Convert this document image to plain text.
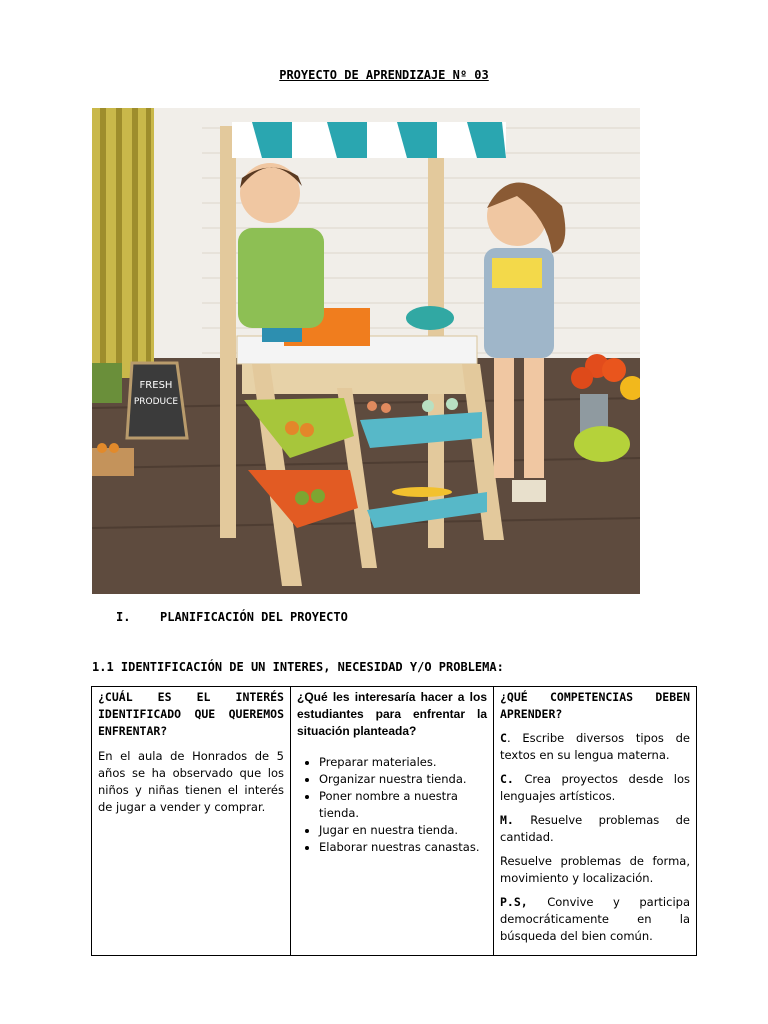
PROYECTO DE APRENDIZAJE Nº 03
FRESH
PRODUCE
I. PLANIFICACIÓN DEL PROYECTO
1.1 IDENTIFICACIÓN DE UN INTERES, NECESIDAD Y/O PROBLEMA:
¿CUÁL ES EL INTERÉS IDENTIFICADO QUE QUEREMOS ENFRENTAR?
En el aula de Honrados de 5 años se ha observado que los niños y niñas tienen el interés de jugar a vender y comprar.

¿Qué les interesaría hacer a los estudiantes para enfrentar la situación planteada?
• Preparar materiales.
• Organizar nuestra tienda.
• Poner nombre a nuestra tienda.
• Jugar en nuestra tienda.
• Elaborar nuestras canastas.

¿QUÉ COMPETENCIAS DEBEN APRENDER?
C. Escribe diversos tipos de textos en su lengua materna.
C. Crea proyectos desde los lenguajes artísticos.
M. Resuelve problemas de cantidad.
Resuelve problemas de forma, movimiento y localización.
P.S, Convive y participa democráticamente en la búsqueda del bien común.
